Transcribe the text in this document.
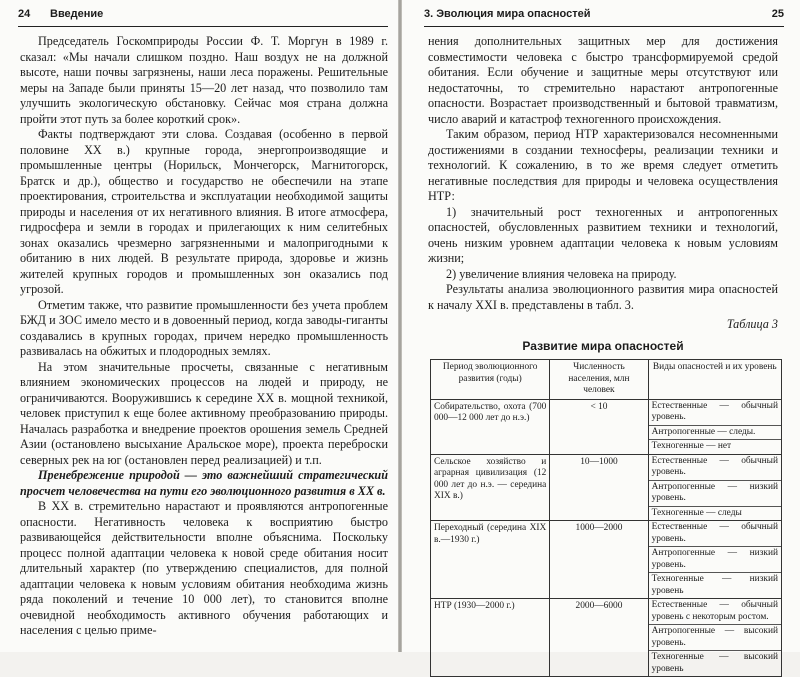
24 Введение

Председатель Госкомприроды России Ф. Т. Моргун в 1989 г. сказал: «Мы начали слишком поздно. Наш воздух не на должной высоте, наши почвы загрязнены, наши леса поражены. Решительные меры на Западе были приняты 15—20 лет назад, что позволило там улучшить экологическую обстановку. Сейчас моя страна должна пройти этот путь за более короткий срок».

Факты подтверждают эти слова. Создавая (особенно в первой половине XX в.) крупные города, энергопроизводящие и промышленные центры (Норильск, Мончегорск, Магнитогорск, Братск и др.), общество и государство не обеспечили на этапе проектирования, строительства и эксплуатации необходимой защиты природы и населения от их негативного влияния. В итоге атмосфера, гидросфера и земли в городах и прилегающих к ним селитебных зонах оказались чрезмерно загрязненными и малопригодными к обитанию в них людей. В результате природа, здоровье и жизнь жителей крупных городов и промышленных зон оказались под угрозой.

Отметим также, что развитие промышленности без учета проблем БЖД и ЗОС имело место и в довоенный период, когда заводы-гиганты создавались в крупных городах, причем нередко промышленность развивалась на обжитых и плодородных землях.

На этом значительные просчеты, связанные с негативным влиянием экономических процессов на людей и природу, не ограничиваются. Вооружившись к середине XX в. мощной техникой, человек приступил к еще более активному преобразованию природы. Началась разработка и внедрение проектов орошения земель Средней Азии (остановлено высыхание Аральское море), проекта переброски северных рек на юг (остановлен перед реализацией) и т.п.

Пренебрежение природой — это важнейший стратегический просчет человечества на пути его эволюционного развития в XX в.

В XX в. стремительно нарастают и проявляются антропогенные опасности. Негативность человека к восприятию быстро развивающейся действительности вполне объяснима. Поскольку процесс полной адаптации человека к новой среде обитания носит длительный характер (по утверждению специалистов, для полной адаптации человека к новым условиям обитания необходима жизнь ряда поколений и течение 10 000 лет), то становится вполне очевидной необходимость активного обучения работающих и населения с целью приме-

3. Эволюция мира опасностей	25

нения дополнительных защитных мер для достижения совместимости человека с быстро трансформируемой средой обитания. Если обучение и защитные меры отсутствуют или недостаточны, то стремительно нарастают антропогенные опасности. Возрастает производственный и бытовой травматизм, число аварий и катастроф техногенного происхождения.

Таким образом, период НТР характеризовался несомненными достижениями в создании техносферы, реализации техники и технологий. К сожалению, в то же время следует отметить негативные последствия для природы и человека осуществления НТР:

1) значительный рост техногенных и антропогенных опасностей, обусловленных развитием техники и технологий, очень низким уровнем адаптации человека к новым условиям жизни;

2) увеличение влияния человека на природу.

Результаты анализа эволюционного развития мира опасностей к началу XXI в. представлены в табл. 3.

Таблица 3
Развитие мира опасностей
Период эволюционного развития (годы)	Численность населения, млн человек	Виды опасностей и их уровень
Собирательство, охота (700 000—12 000 лет до н.э.)	< 10	Естественные — обычный уровень.
Антропогенные — следы.
Техногенные — нет

Сельское хозяйство и аграрная цивилизация (12 000 лет до н.э. — середина XIX в.)	10—1000	Естественные — обычный уровень.
Антропогенные — низкий уровень.
Техногенные — следы

Переходный (середина XIX в.—1930 г.)	1000—2000	Естественные — обычный уровень.
Антропогенные — низкий уровень.
Техногенные — низкий уровень

НТР (1930—2000 г.)	2000—6000	Естественные — обычный уровень с некоторым ростом.
Антропогенные — высокий уровень.
Техногенные — высокий уровень
